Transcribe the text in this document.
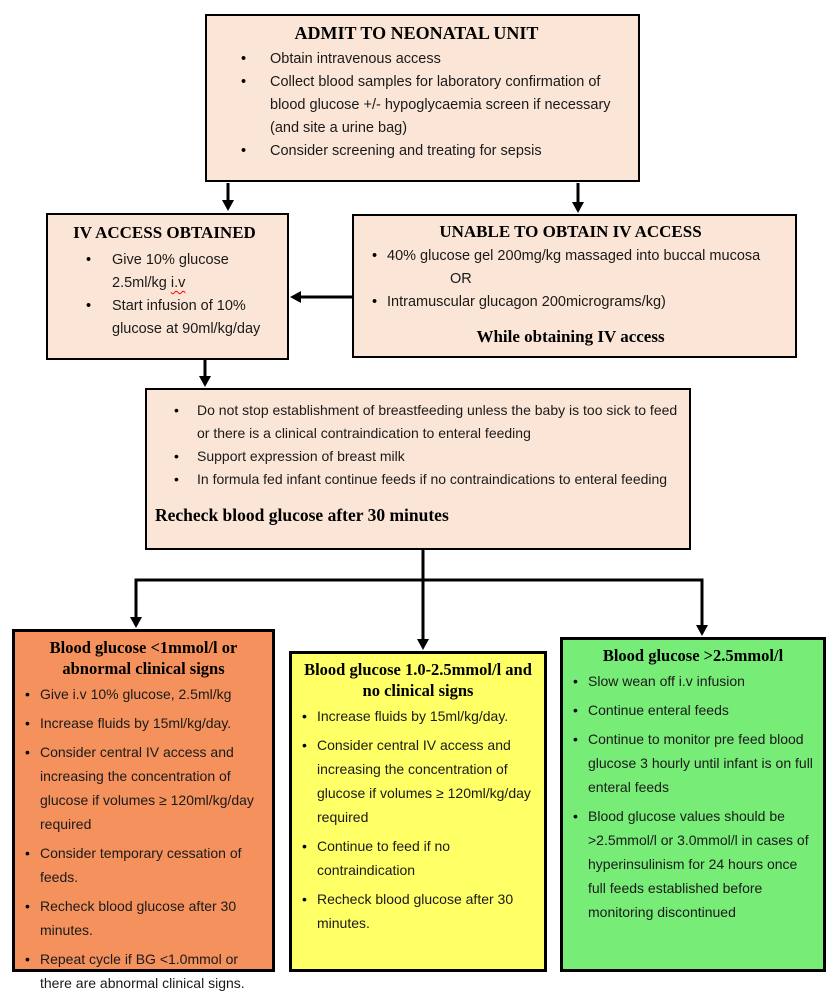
ADMIT TO NEONATAL UNIT
• Obtain intravenous access
• Collect blood samples for laboratory confirmation of blood glucose +/- hypoglycaemia screen if necessary (and site a urine bag)
• Consider screening and treating for sepsis
IV ACCESS OBTAINED
• Give 10% glucose 2.5ml/kg i.v
• Start infusion of 10% glucose at 90ml/kg/day
UNABLE TO OBTAIN IV ACCESS
• 40% glucose gel 200mg/kg massaged into buccal mucosa
OR
• Intramuscular glucagon 200micrograms/kg)
While obtaining IV access
• Do not stop establishment of breastfeeding unless the baby is too sick to feed or there is a clinical contraindication to enteral feeding
• Support expression of breast milk
• In formula fed infant continue feeds if no contraindications to enteral feeding
Recheck blood glucose after 30 minutes
Blood glucose <1mmol/l or abnormal clinical signs
• Give i.v 10% glucose, 2.5ml/kg
• Increase fluids by 15ml/kg/day.
• Consider central IV access and increasing the concentration of glucose if volumes ≥ 120ml/kg/day required
• Consider temporary cessation of feeds.
• Recheck blood glucose after 30 minutes.
• Repeat cycle if BG <1.0mmol or there are abnormal clinical signs.
Blood glucose 1.0-2.5mmol/l and no clinical signs
• Increase fluids by 15ml/kg/day.
• Consider central IV access and increasing the concentration of glucose if volumes ≥ 120ml/kg/day required
• Continue to feed if no contraindication
• Recheck blood glucose after 30 minutes.
Blood glucose >2.5mmol/l
• Slow wean off i.v infusion
• Continue enteral feeds
• Continue to monitor pre feed blood glucose 3 hourly until infant is on full enteral feeds
• Blood glucose values should be >2.5mmol/l or 3.0mmol/l in cases of hyperinsulinism for 24 hours once full feeds established before monitoring discontinued
